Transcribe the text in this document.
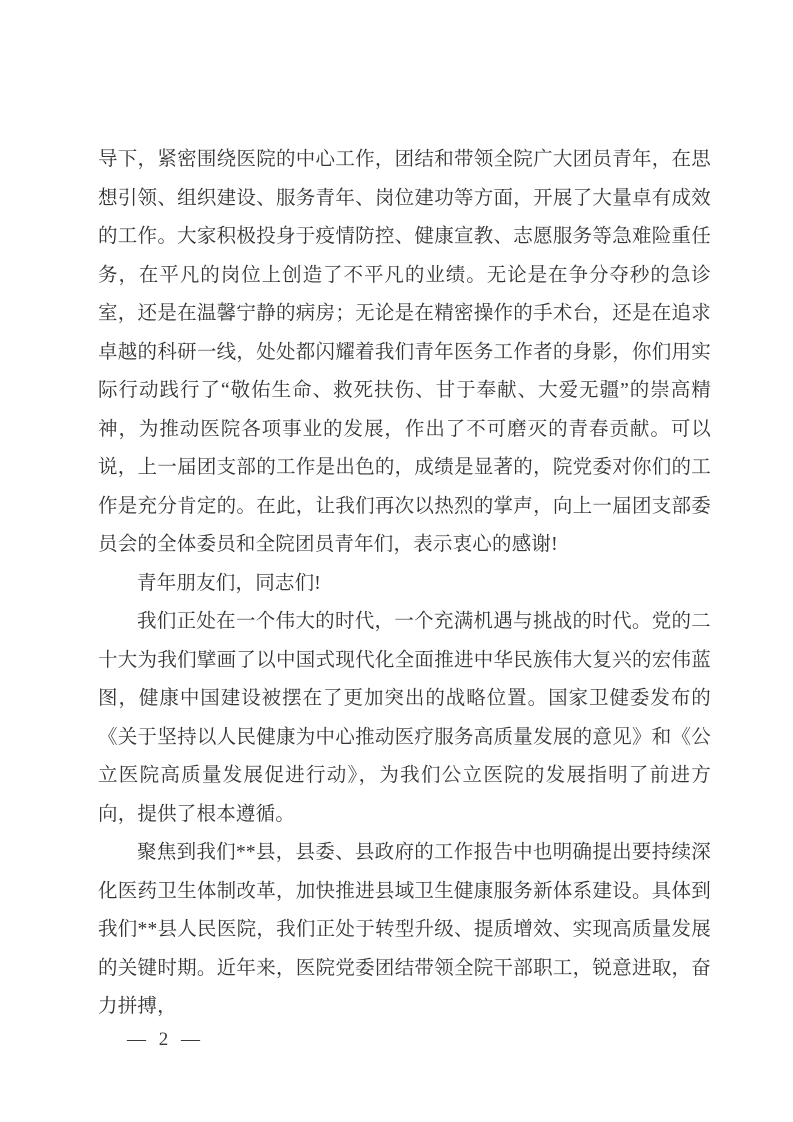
导下，紧密围绕医院的中心工作，团结和带领全院广大团员青年，在思想引领、组织建设、服务青年、岗位建功等方面，开展了大量卓有成效的工作。大家积极投身于疫情防控、健康宣教、志愿服务等急难险重任务，在平凡的岗位上创造了不平凡的业绩。无论是在争分夺秒的急诊室，还是在温馨宁静的病房；无论是在精密操作的手术台，还是在追求卓越的科研一线，处处都闪耀着我们青年医务工作者的身影，你们用实际行动践行了“敬佑生命、救死扶伤、甘于奉献、大爱无疆”的崇高精神，为推动医院各项事业的发展，作出了不可磨灭的青春贡献。可以说，上一届团支部的工作是出色的，成绩是显著的，院党委对你们的工作是充分肯定的。在此，让我们再次以热烈的掌声，向上一届团支部委员会的全体委员和全院团员青年们，表示衷心的感谢!

青年朋友们，同志们!

我们正处在一个伟大的时代，一个充满机遇与挑战的时代。党的二十大为我们擘画了以中国式现代化全面推进中华民族伟大复兴的宏伟蓝图，健康中国建设被摆在了更加突出的战略位置。国家卫健委发布的《关于坚持以人民健康为中心推动医疗服务高质量发展的意见》和《公立医院高质量发展促进行动》，为我们公立医院的发展指明了前进方向，提供了根本遵循。

聚焦到我们**县，县委、县政府的工作报告中也明确提出要持续深化医药卫生体制改革，加快推进县域卫生健康服务新体系建设。具体到我们**县人民医院，我们正处于转型升级、提质增效、实现高质量发展的关键时期。近年来，医院党委团结带领全院干部职工，锐意进取，奋力拼搏，

— 2 —
